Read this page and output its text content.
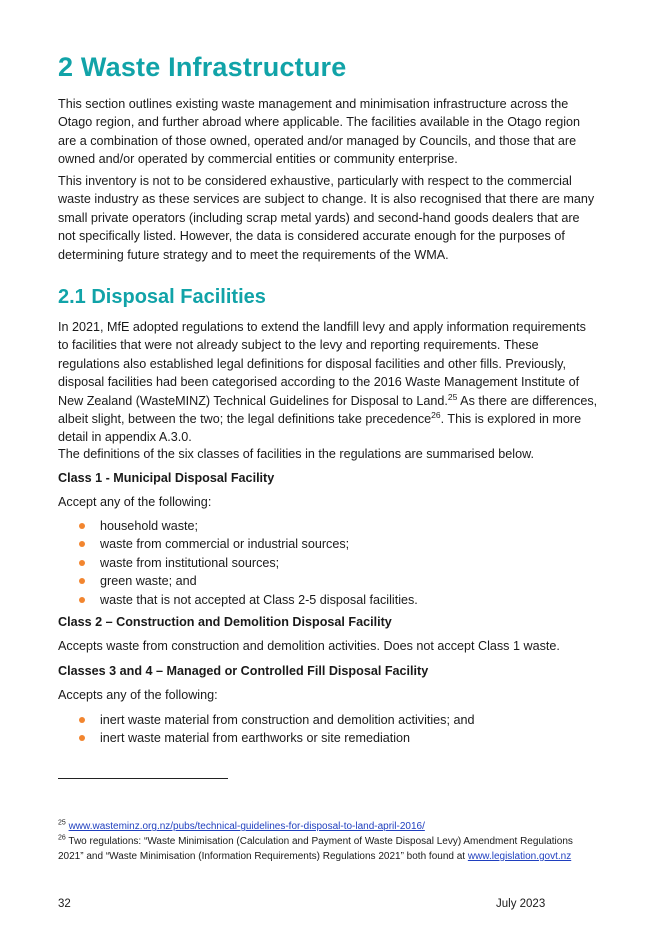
2 Waste Infrastructure

This section outlines existing waste management and minimisation infrastructure across the Otago region, and further abroad where applicable. The facilities available in the Otago region are a combination of those owned, operated and/or managed by Councils, and those that are owned and/or operated by commercial entities or community enterprise.

This inventory is not to be considered exhaustive, particularly with respect to the commercial waste industry as these services are subject to change. It is also recognised that there are many small private operators (including scrap metal yards) and second-hand goods dealers that are not specifically listed. However, the data is considered accurate enough for the purposes of determining future strategy and to meet the requirements of the WMA.

2.1 Disposal Facilities

In 2021, MfE adopted regulations to extend the landfill levy and apply information requirements to facilities that were not already subject to the levy and reporting requirements. These regulations also established legal definitions for disposal facilities and other fills. Previously, disposal facilities had been categorised according to the 2016 Waste Management Institute of New Zealand (WasteMINZ) Technical Guidelines for Disposal to Land.$^{25}$ As there are differences, albeit slight, between the two; the legal definitions take precedence$^{26}$. This is explored in more detail in appendix A.3.0.

The definitions of the six classes of facilities in the regulations are summarised below.

Class 1 - Municipal Disposal Facility

Accept any of the following:

household waste;
waste from commercial or industrial sources;
waste from institutional sources;
green waste; and
waste that is not accepted at Class 2-5 disposal facilities.

Class 2 – Construction and Demolition Disposal Facility

Accepts waste from construction and demolition activities. Does not accept Class 1 waste.

Classes 3 and 4 – Managed or Controlled Fill Disposal Facility

Accepts any of the following:

inert waste material from construction and demolition activities; and
inert waste material from earthworks or site remediation

$^{25}$ www.wasteminz.org.nz/pubs/technical-guidelines-for-disposal-to-land-april-2016/

$^{26}$ Two regulations: “Waste Minimisation (Calculation and Payment of Waste Disposal Levy) Amendment Regulations 2021” and “Waste Minimisation (Information Requirements) Regulations 2021” both found at www.legislation.govt.nz

32	July 2023
